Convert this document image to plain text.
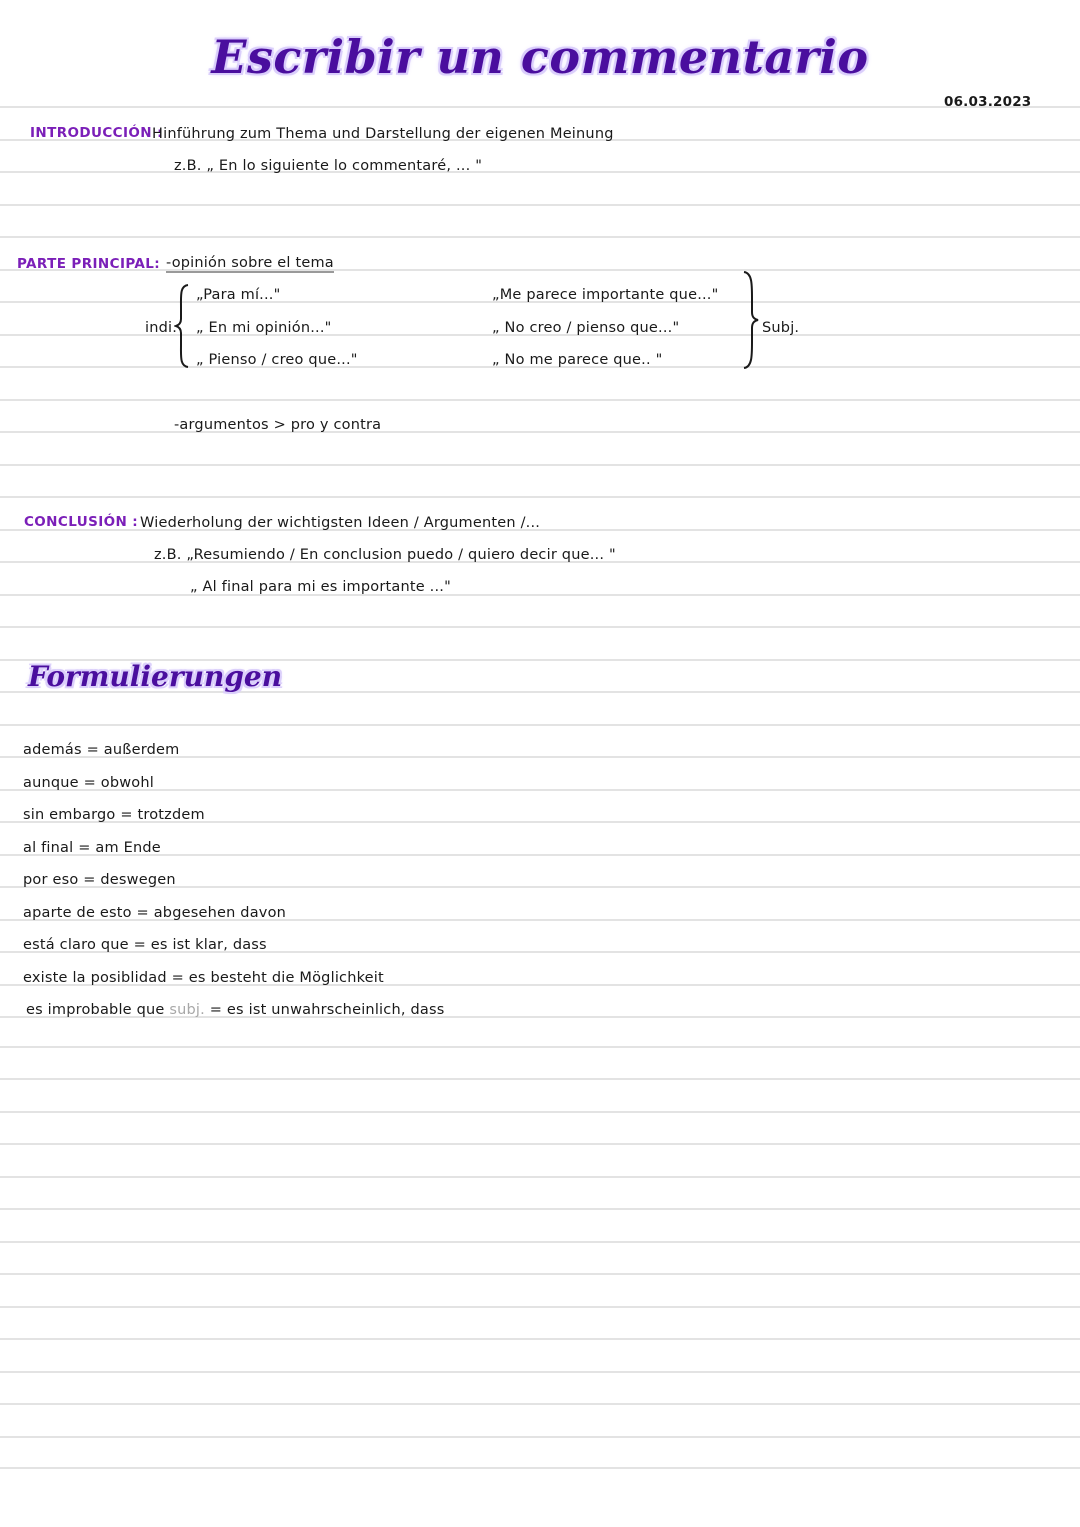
Escribir un commentario
06.03.2023
INTRODUCCIÓN :
Hinführung zum Thema und Darstellung der eigenen Meinung
z.B. „ En lo siguiente lo commentaré, ... "
PARTE PRINCIPAL: -opinión sobre el tema
indi.
„Para mí..."
„ En mi opinión..."
„ Pienso / creo que..."
„Me parece importante que..."
„ No creo / pienso que..."
„ No me parece que.. "
Subj.
-argumentos > pro y contra
CONCLUSIÓN : Wiederholung der wichtigsten Ideen / Argumenten /...
z.B. „Resumiendo / En conclusion puedo / quiero decir que... "
„ Al final para mi es importante ..."
Formulierungen
además = außerdem
aunque = obwohl
sin embargo = trotzdem
al final = am Ende
por eso = deswegen
aparte de esto = abgesehen davon
está claro que = es ist klar, dass
existe la posiblidad = es besteht die Möglichkeit
es improbable que subj. = es ist unwahrscheinlich, dass
